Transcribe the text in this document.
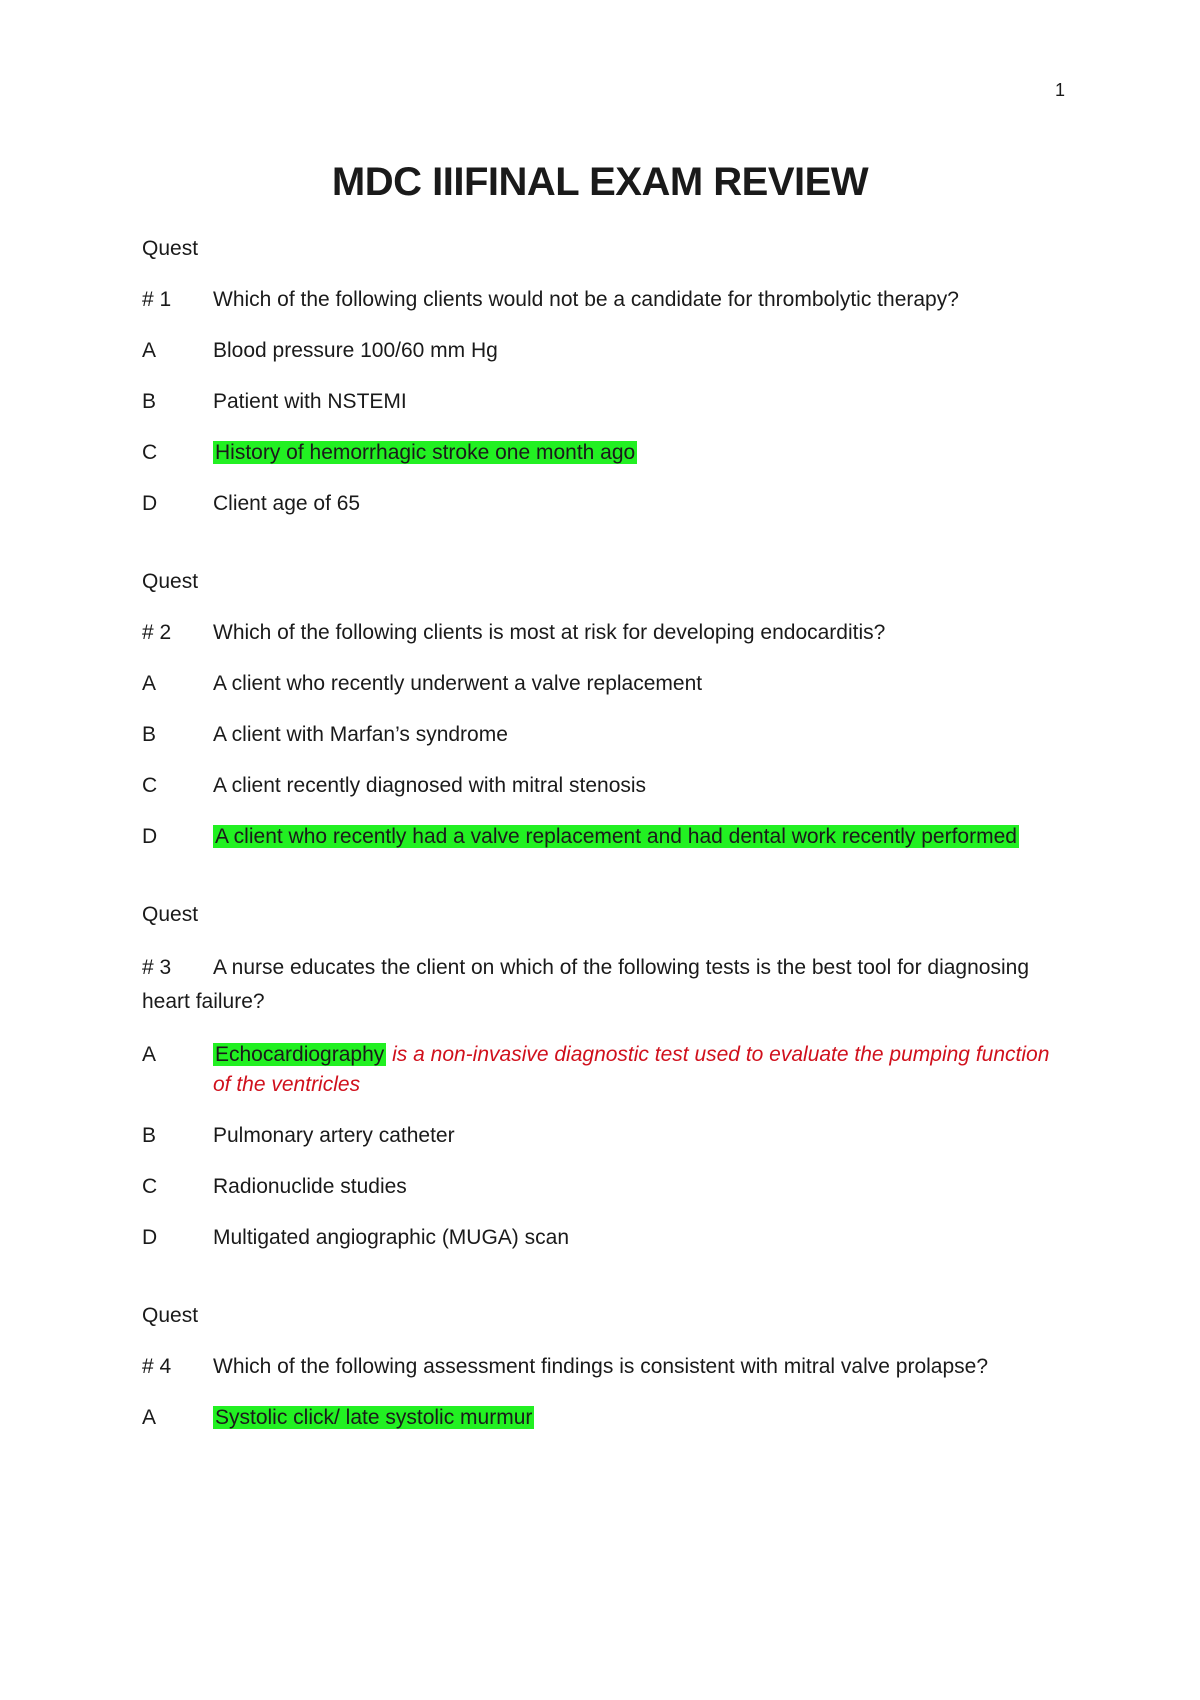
1
MDC IIIFINAL EXAM REVIEW
Quest
# 1	Which of the following clients would not be a candidate for thrombolytic therapy?
A	Blood pressure 100/60 mm Hg
B	Patient with NSTEMI
C	History of hemorrhagic stroke one month ago
D	Client age of 65
Quest
# 2	Which of the following clients is most at risk for developing endocarditis?
A	A client who recently underwent a valve replacement
B	A client with Marfan’s syndrome
C	A client recently diagnosed with mitral stenosis
D	A client who recently had a valve replacement and had dental work recently performed
Quest
# 3 A nurse educates the client on which of the following tests is the best tool for diagnosing heart failure?
A	Echocardiography is a non-invasive diagnostic test used to evaluate the pumping function of the ventricles
B	Pulmonary artery catheter
C	Radionuclide studies
D	Multigated angiographic (MUGA) scan
Quest
# 4	Which of the following assessment findings is consistent with mitral valve prolapse?
A	Systolic click/ late systolic murmur
